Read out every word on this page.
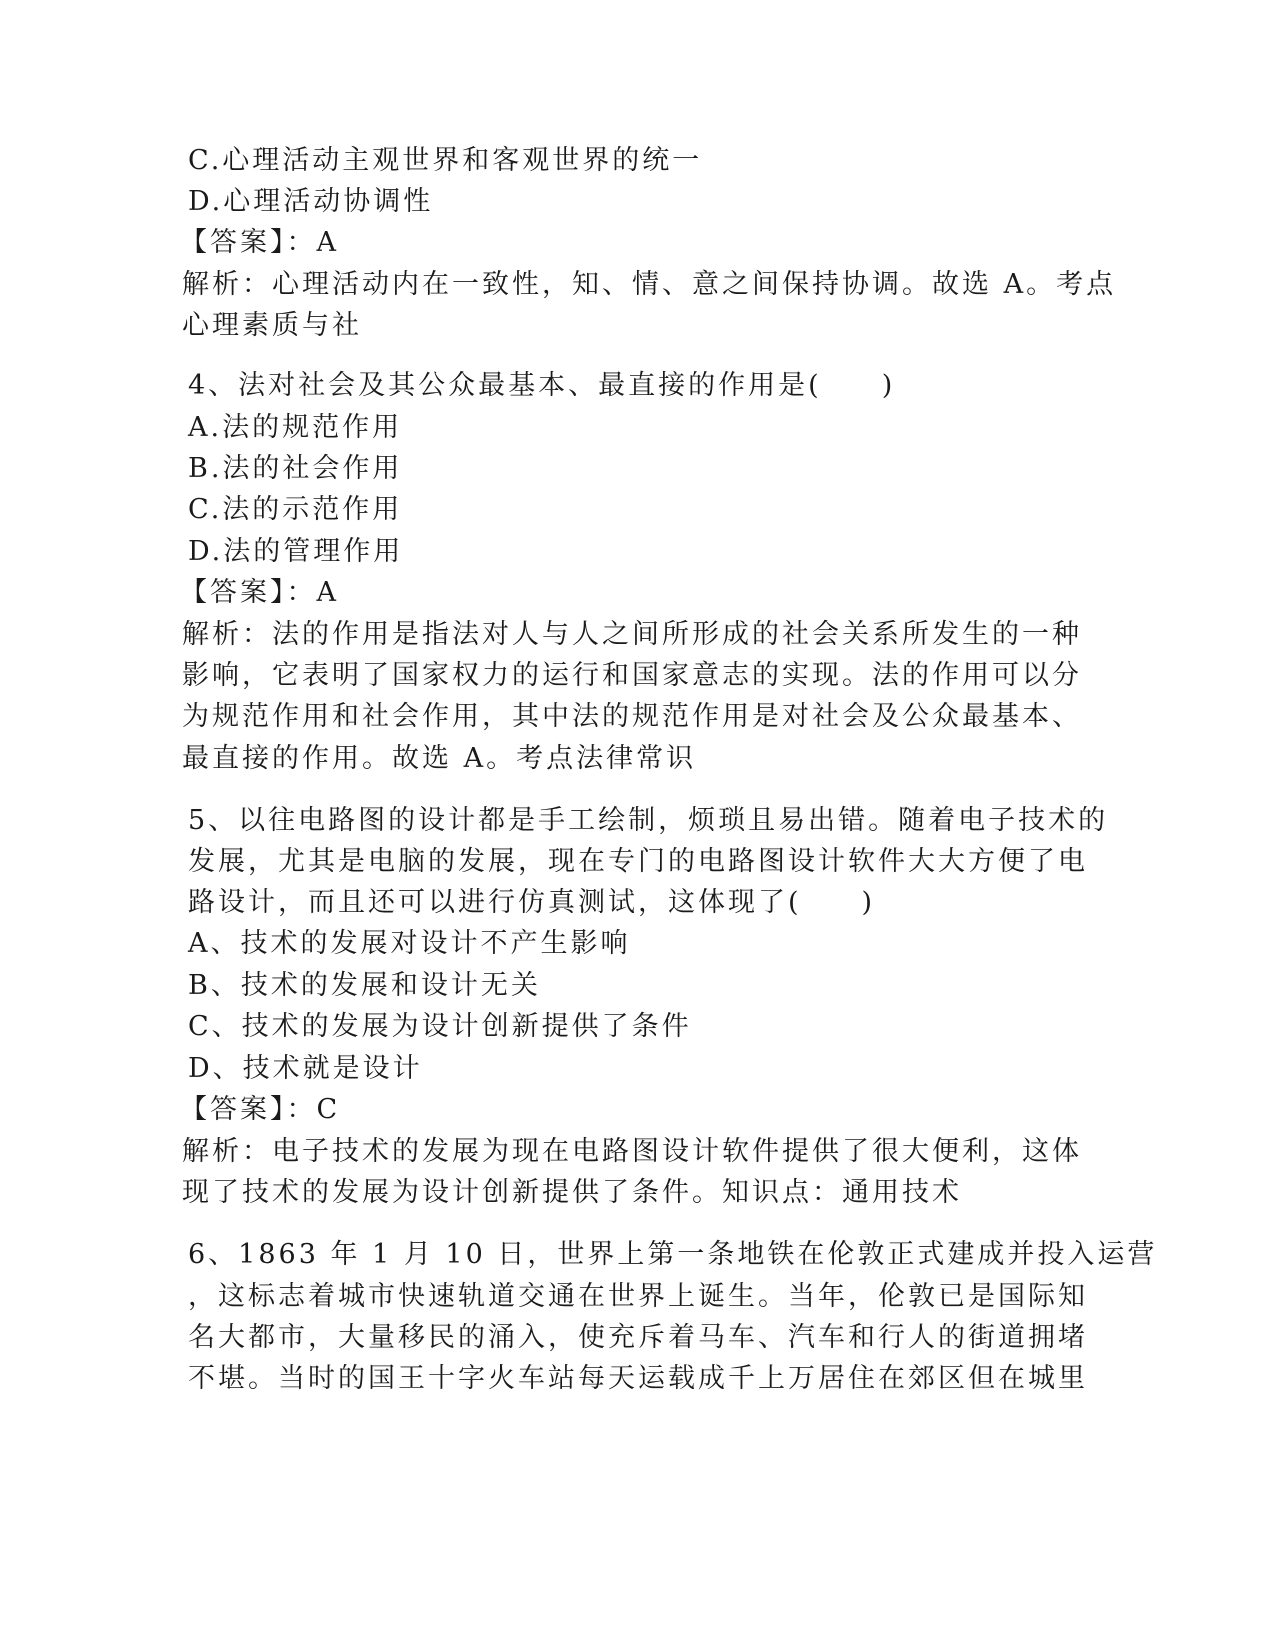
C.心理活动主观世界和客观世界的统一
D.心理活动协调性
【答案】：A
解析：心理活动内在一致性，知、情、意之间保持协调。故选 A。考点
心理素质与社
4、法对社会及其公众最基本、最直接的作用是(　　)
A.法的规范作用
B.法的社会作用
C.法的示范作用
D.法的管理作用
【答案】：A
解析：法的作用是指法对人与人之间所形成的社会关系所发生的一种
影响，它表明了国家权力的运行和国家意志的实现。法的作用可以分
为规范作用和社会作用，其中法的规范作用是对社会及公众最基本、
最直接的作用。故选 A。考点法律常识
5、以往电路图的设计都是手工绘制，烦琐且易出错。随着电子技术的
发展，尤其是电脑的发展，现在专门的电路图设计软件大大方便了电
路设计，而且还可以进行仿真测试，这体现了(　　)
A、技术的发展对设计不产生影响
B、技术的发展和设计无关
C、技术的发展为设计创新提供了条件
D、技术就是设计
【答案】：C
解析：电子技术的发展为现在电路图设计软件提供了很大便利，这体
现了技术的发展为设计创新提供了条件。知识点：通用技术
6、1863 年 1 月 10 日，世界上第一条地铁在伦敦正式建成并投入运营
，这标志着城市快速轨道交通在世界上诞生。当年，伦敦已是国际知
名大都市，大量移民的涌入，使充斥着马车、汽车和行人的街道拥堵
不堪。当时的国王十字火车站每天运载成千上万居住在郊区但在城里
